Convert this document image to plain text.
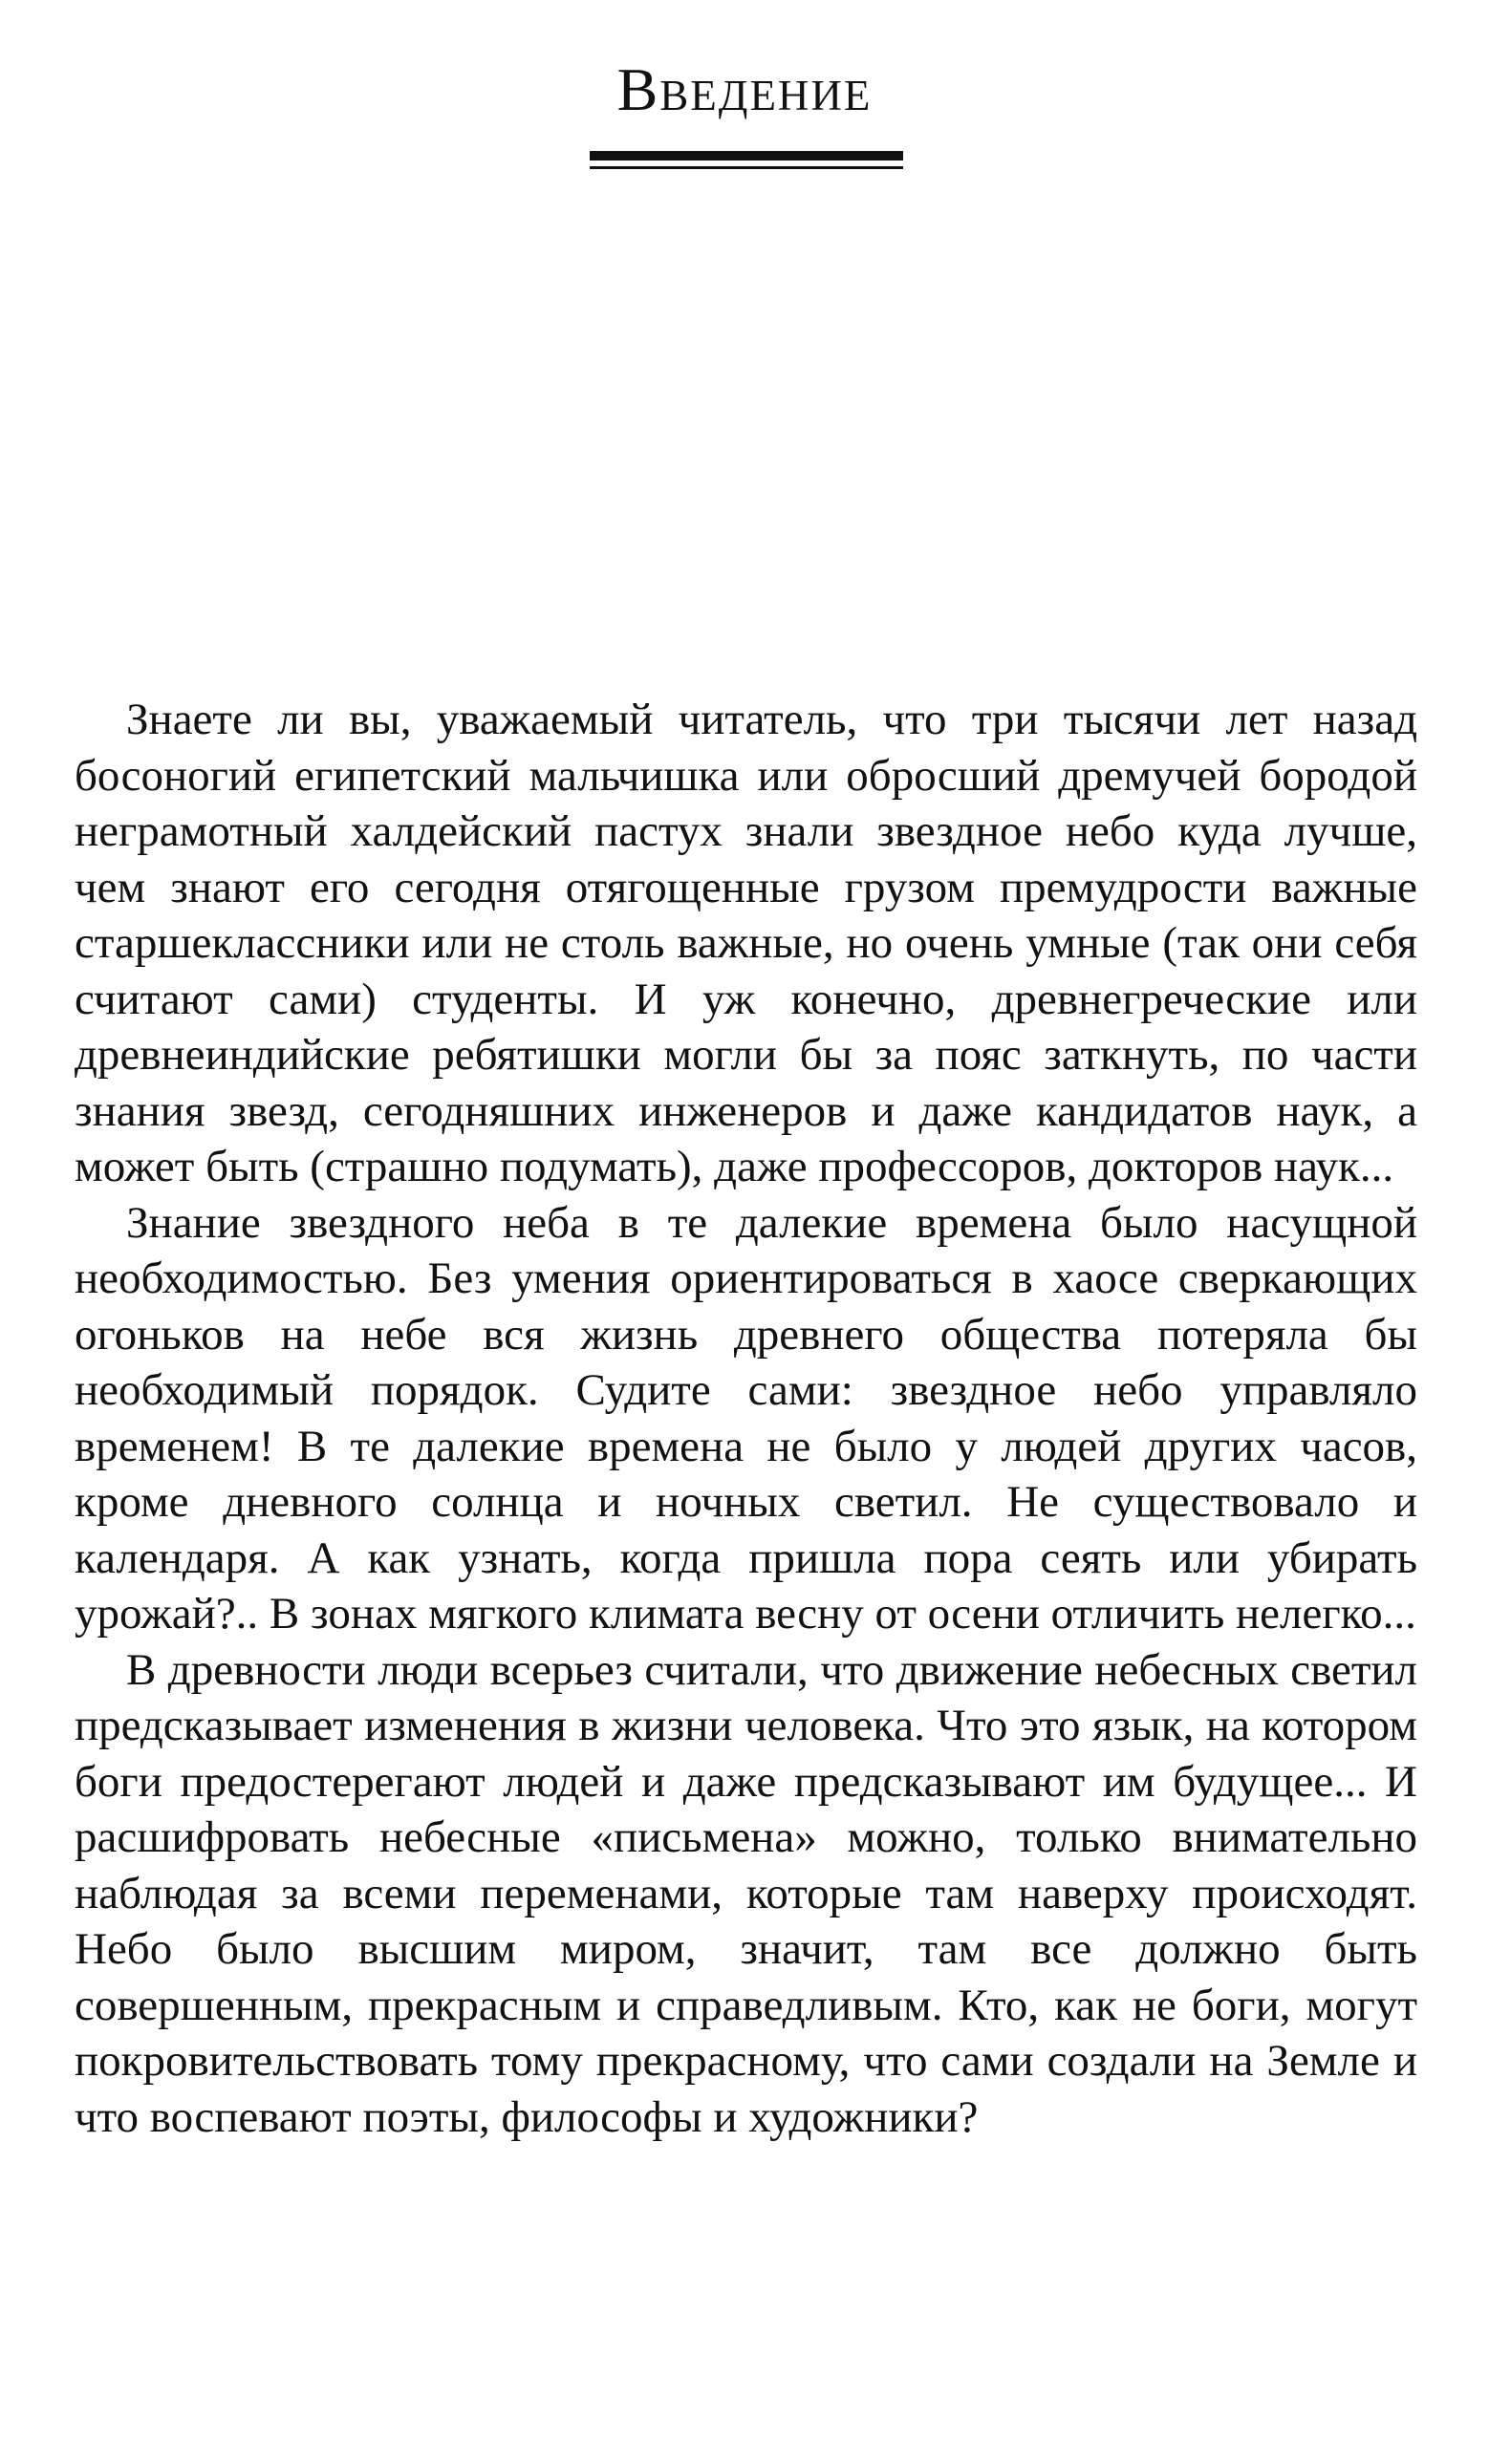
Введение

Знаете ли вы, уважаемый читатель, что три тысячи лет назад босоногий египетский мальчишка или обросший дремучей бородой неграмотный халдейский пастух знали звездное небо куда лучше, чем знают его сегодня отягощенные грузом премудрости важные старшеклассники или не столь важные, но очень умные (так они себя считают сами) студенты. И уж конечно, древнегреческие или древнеиндийские ребятишки могли бы за пояс заткнуть, по части знания звезд, сегодняшних инженеров и даже кандидатов наук, а может быть (страшно подумать), даже профессоров, докторов наук...

Знание звездного неба в те далекие времена было насущной необходимостью. Без умения ориентироваться в хаосе сверкающих огоньков на небе вся жизнь древнего общества потеряла бы необходимый порядок. Судите сами: звездное небо управляло временем! В те далекие времена не было у людей других часов, кроме дневного солнца и ночных светил. Не существовало и календаря. А как узнать, когда пришла пора сеять или убирать урожай?.. В зонах мягкого климата весну от осени отличить нелегко...

В древности люди всерьез считали, что движение небесных светил предсказывает изменения в жизни человека. Что это язык, на котором боги предостерегают людей и даже предсказывают им будущее... И расшифровать небесные «письмена» можно, только внимательно наблюдая за всеми переменами, которые там наверху происходят. Небо было высшим миром, значит, там все должно быть совершенным, прекрасным и справедливым. Кто, как не боги, могут покровительствовать тому прекрасному, что сами создали на Земле и что воспевают поэты, философы и художники?
